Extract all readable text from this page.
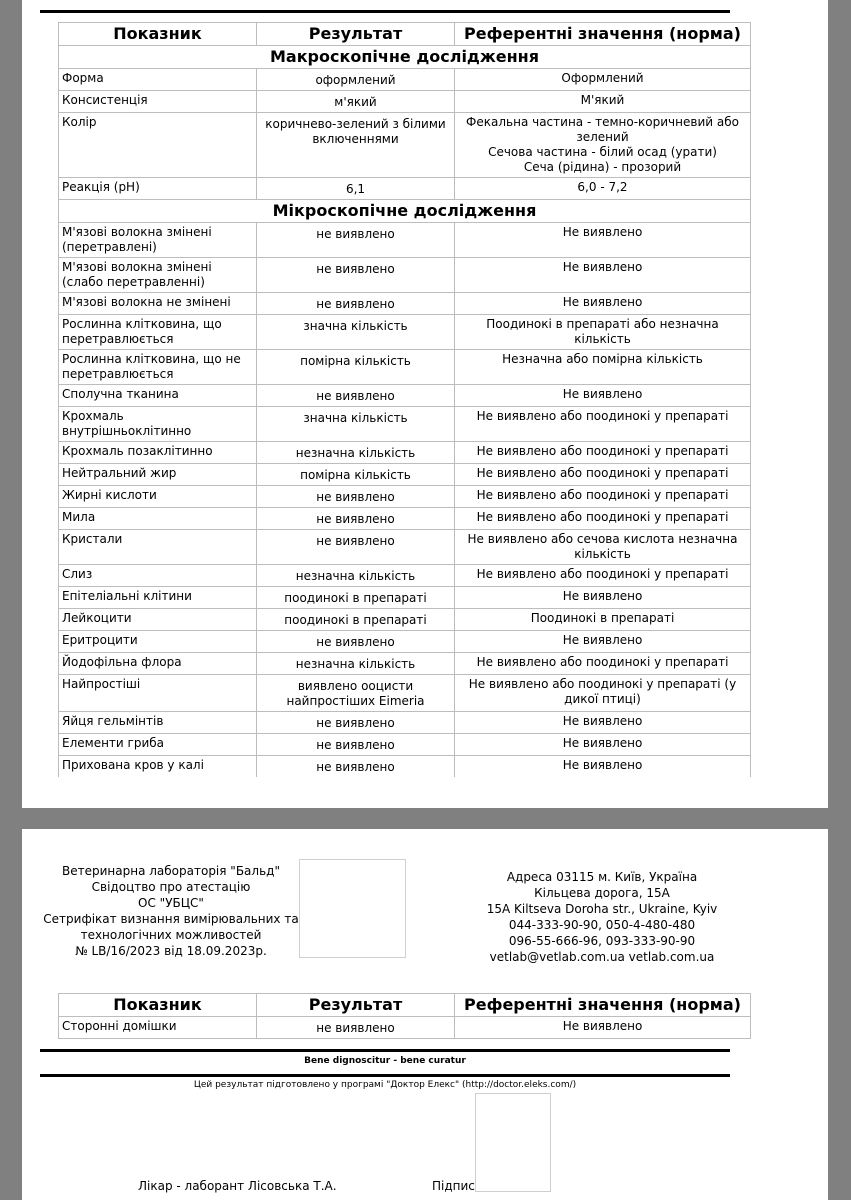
Показник	Результат	Референтні значення (норма)
Макроскопічне дослідження		
Форма	оформлений	Оформлений
Консистенція	м'який	М'який
Колір	коричнево-зелений з білими включеннями	Фекальна частина - темно-коричневий або зелений
Сечова частина - білий осад (урати)
Сеча (рідина) - прозорий

Реакція (pH)	6,1	6,0 - 7,2
Мікроскопічне дослідження		
М'язові волокна змінені (перетравлені)	не виявлено	Не виявлено
М'язові волокна змінені (слабо перетравленні)	не виявлено	Не виявлено
М'язові волокна не змінені	не виявлено	Не виявлено
Рослинна клітковина, що перетравлюється	значна кількість	Поодинокі в препараті або незначна кількість
Рослинна клітковина, що не перетравлюється	помірна кількість	Незначна або помірна кількість
Сполучна тканина	не виявлено	Не виявлено
Крохмаль внутрішньоклітинно	значна кількість	Не виявлено або поодинокі у препараті
Крохмаль позаклітинно	незначна кількість	Не виявлено або поодинокі у препараті
Нейтральний жир	помірна кількість	Не виявлено або поодинокі у препараті
Жирні кислоти	не виявлено	Не виявлено або поодинокі у препараті
Мила	не виявлено	Не виявлено або поодинокі у препараті
Кристали	не виявлено	Не виявлено або сечова кислота незначна кількість
Слиз	незначна кількість	Не виявлено або поодинокі у препараті
Епітеліальні клітини	поодинокі в препараті	Не виявлено
Лейкоцити	поодинокі в препараті	Поодинокі в препараті
Еритроцити	не виявлено	Не виявлено
Йодофільна флора	незначна кількість	Не виявлено або поодинокі у препараті
Найпростіші	виявлено ооцисти найпростіших Eimeria	Не виявлено або поодинокі у препараті (у дикої птиці)
Яйця гельмінтів	не виявлено	Не виявлено
Елементи гриба	не виявлено	Не виявлено
Прихована кров у калі	не виявлено	Не виявлено
Ветеринарна лабораторія "Бальд"
Свідоцтво про атестацію
ОС "УБЦС"
Сетрифікат визнання вимірювальних та
технологічних можливостей
№ LB/16/2023 від 18.09.2023р.
Адреса 03115 м. Київ, Україна
Кільцева дорога, 15А
15A Kiltseva Doroha str., Ukraine, Kyiv
044-333-90-90, 050-4-480-480
096-55-666-96, 093-333-90-90
vetlab@vetlab.com.ua vetlab.com.ua
Показник	Результат	Референтні значення (норма)
Сторонні домішки	не виявлено	Не виявлено
Bene dignoscitur - bene curatur
Цей результат підготовлено у програмі "Доктор Елекс" (http://doctor.eleks.com/)
Лікар - лаборант Лісовська Т.А.	Підпис
